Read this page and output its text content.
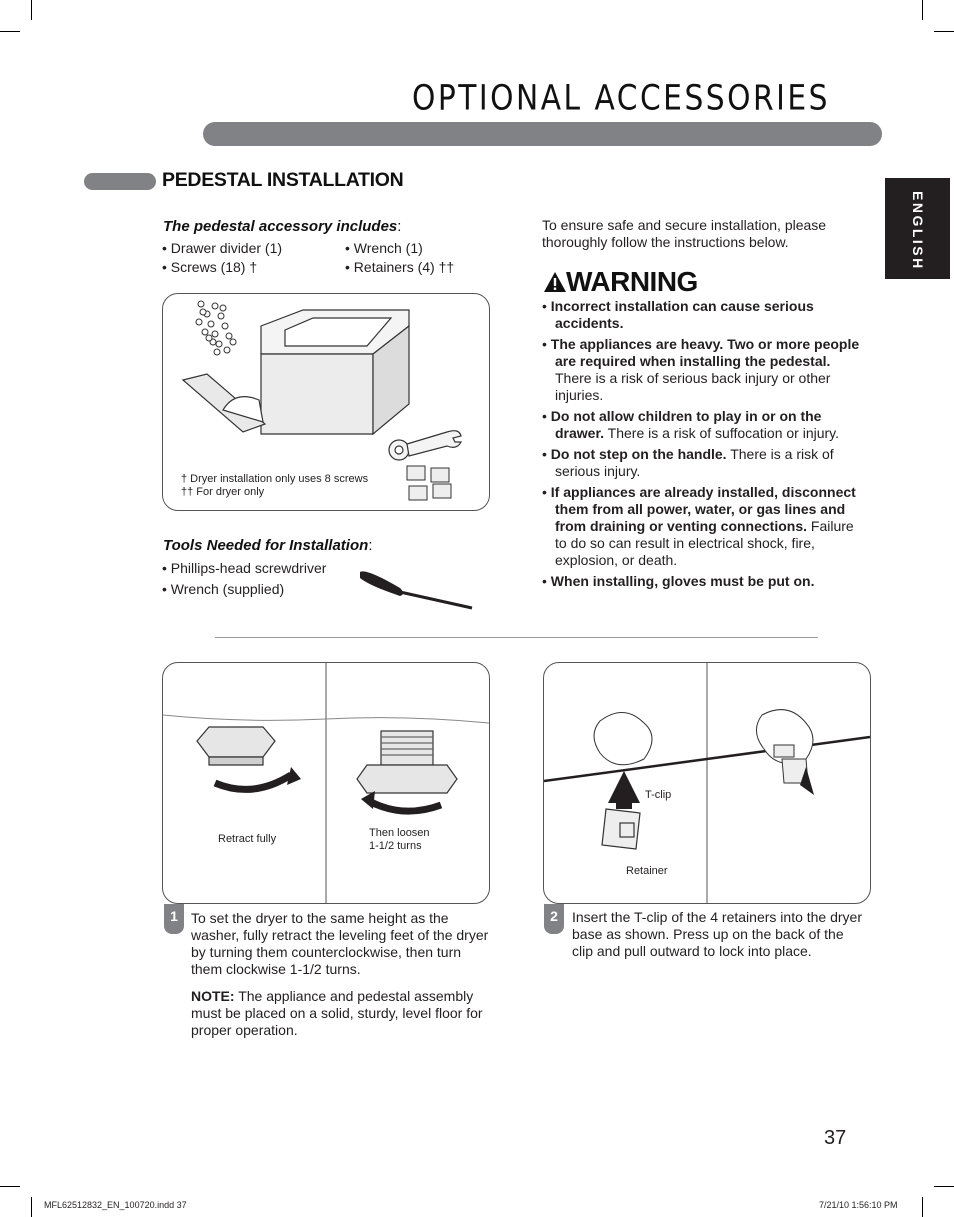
OPTIONAL ACCESSORIES
ENGLISH
PEDESTAL INSTALLATION
The pedestal accessory includes:
• Drawer divider (1)
• Screws (18) †
• Wrench (1)
• Retainers (4) ††
† Dryer installation only uses 8 screws
†† For dryer only
Tools Needed for Installation:
• Phillips-head screwdriver
• Wrench (supplied)
To ensure safe and secure installation, please thoroughly follow the instructions below.
WARNING
• Incorrect installation can cause serious accidents.
• The appliances are heavy. Two or more people are required when installing the pedestal. There is a risk of serious back injury or other injuries.
• Do not allow children to play in or on the drawer. There is a risk of suffocation or injury.
• Do not step on the handle. There is a risk of serious injury.
• If appliances are already installed, disconnect them from all power, water, or gas lines and from draining or venting connections. Failure to do so can result in electrical shock, fire, explosion, or death.
• When installing, gloves must be put on.
Retract fully	Then loosen
1-1/2 turns
1 To set the dryer to the same height as the washer, fully retract the leveling feet of the dryer by turning them counterclockwise, then turn them clockwise 1-1/2 turns.
NOTE: The appliance and pedestal assembly must be placed on a solid, sturdy, level floor for proper operation.
T-clip
Retainer
2	Insert the T-clip of the 4 retainers into the dryer base as shown. Press up on the back of the clip and pull outward to lock into place.
37
MFL62512832_EN_100720.indd 37	7/21/10 1:56:10 PM
